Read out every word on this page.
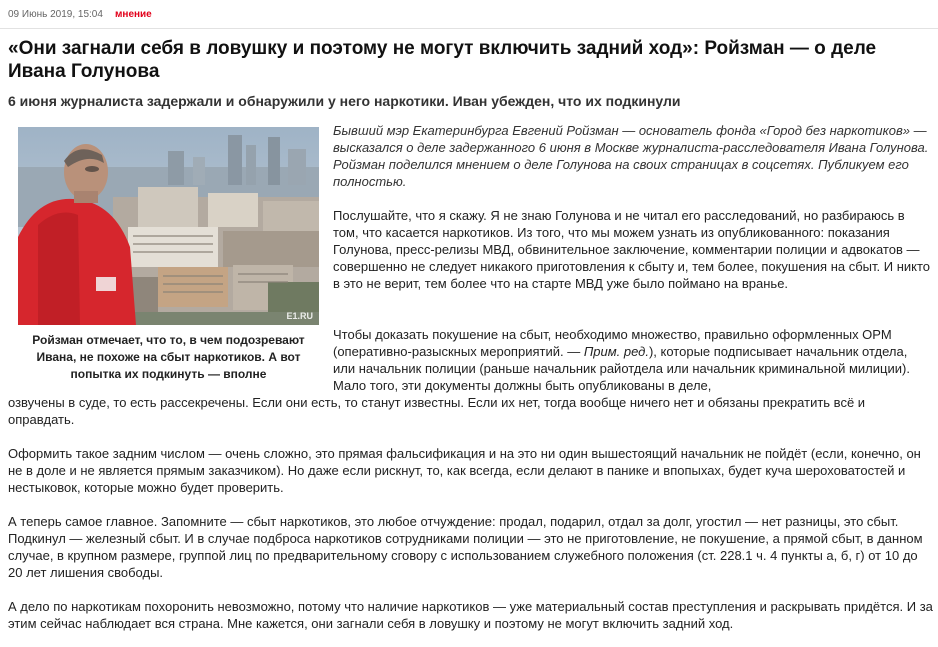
09 Июнь 2019, 15:04 мнение
«Они загнали себя в ловушку и поэтому не могут включить задний ход»: Ройзман — о деле Ивана Голунова

6 июня журналиста задержали и обнаружили у него наркотики. Иван убежден, что их подкинули

E1.RU

Ройзман отмечает, что то, в чем подозревают Ивана, не похоже на сбыт наркотиков. А вот попытка их подкинуть — вполне

Бывший мэр Екатеринбурга Евгений Ройзман — основатель фонда «Город без наркотиков» — высказался о деле задержанного 6 июня в Москве журналиста-расследователя Ивана Голунова. Ройзман поделился мнением о деле Голунова на своих страницах в соцсетях. Публикуем его полностью.

Послушайте, что я скажу. Я не знаю Голунова и не читал его расследований, но разбираюсь в том, что касается наркотиков. Из того, что мы можем узнать из опубликованного: показания Голунова, пресс-релизы МВД, обвинительное заключение, комментарии полиции и адвокатов — совершенно не следует никакого приготовления к сбыту и, тем более, покушения на сбыт. И никто в это не верит, тем более что на старте МВД уже было поймано на вранье.

Чтобы доказать покушение на сбыт, необходимо множество, правильно оформленных ОРМ (оперативно-разыскных мероприятий. — Прим. ред.), которые подписывает начальник отдела, или начальник полиции (раньше начальник райотдела или начальник криминальной милиции). Мало того, эти документы должны быть опубликованы в деле,

озвучены в суде, то есть рассекречены. Если они есть, то станут известны. Если их нет, тогда вообще ничего нет и обязаны прекратить всё и оправдать.

Оформить такое задним числом — очень сложно, это прямая фальсификация и на это ни один вышестоящий начальник не пойдёт (если, конечно, он не в доле и не является прямым заказчиком). Но даже если рискнут, то, как всегда, если делают в панике и впопыхах, будет куча шероховатостей и нестыковок, которые можно будет проверить.

А теперь самое главное. Запомните — сбыт наркотиков, это любое отчуждение: продал, подарил, отдал за долг, угостил — нет разницы, это сбыт. Подкинул — железный сбыт. И в случае подброса наркотиков сотрудниками полиции — это не приготовление, не покушение, а прямой сбыт, в данном случае, в крупном размере, группой лиц по предварительному сговору с использованием служебного положения (ст. 228.1 ч. 4 пункты а, б, г) от 10 до 20 лет лишения свободы.

А дело по наркотикам похоронить невозможно, потому что наличие наркотиков — уже материальный состав преступления и раскрывать придётся. И за этим сейчас наблюдает вся страна. Мне кажется, они загнали себя в ловушку и поэтому не могут включить задний ход.
